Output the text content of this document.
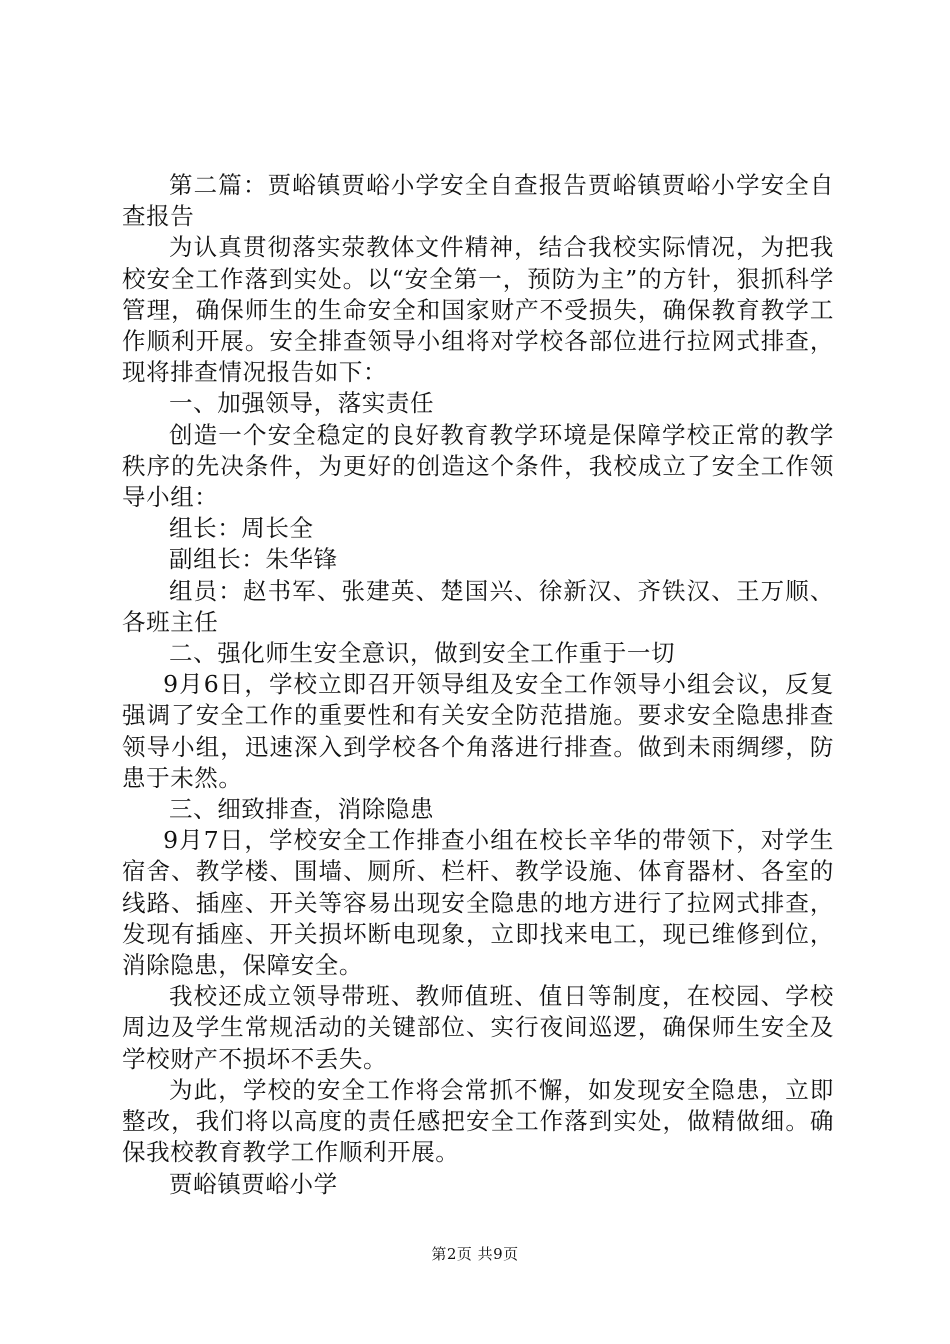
第二篇：贾峪镇贾峪小学安全自查报告贾峪镇贾峪小学安全自查报告

为认真贯彻落实荥教体文件精神，结合我校实际情况，为把我校安全工作落到实处。以“安全第一，预防为主”的方针，狠抓科学管理，确保师生的生命安全和国家财产不受损失，确保教育教学工作顺利开展。安全排查领导小组将对学校各部位进行拉网式排查，现将排查情况报告如下：

一、加强领导，落实责任

创造一个安全稳定的良好教育教学环境是保障学校正常的教学秩序的先决条件，为更好的创造这个条件，我校成立了安全工作领导小组：

组长：周长全

副组长：朱华锋

组员：赵书军、张建英、楚国兴、徐新汉、齐铁汉、王万顺、各班主任

二、强化师生安全意识，做到安全工作重于一切

9月6日，学校立即召开领导组及安全工作领导小组会议，反复强调了安全工作的重要性和有关安全防范措施。要求安全隐患排查领导小组，迅速深入到学校各个角落进行排查。做到未雨绸缪，防患于未然。

三、细致排查，消除隐患

9月7日，学校安全工作排查小组在校长辛华的带领下，对学生宿舍、教学楼、围墙、厕所、栏杆、教学设施、体育器材、各室的线路、插座、开关等容易出现安全隐患的地方进行了拉网式排查，发现有插座、开关损坏断电现象，立即找来电工，现已维修到位，消除隐患，保障安全。

我校还成立领导带班、教师值班、值日等制度，在校园、学校周边及学生常规活动的关键部位、实行夜间巡逻，确保师生安全及学校财产不损坏不丢失。

为此，学校的安全工作将会常抓不懈，如发现安全隐患，立即整改，我们将以高度的责任感把安全工作落到实处，做精做细。确保我校教育教学工作顺利开展。

贾峪镇贾峪小学

第2页 共9页
